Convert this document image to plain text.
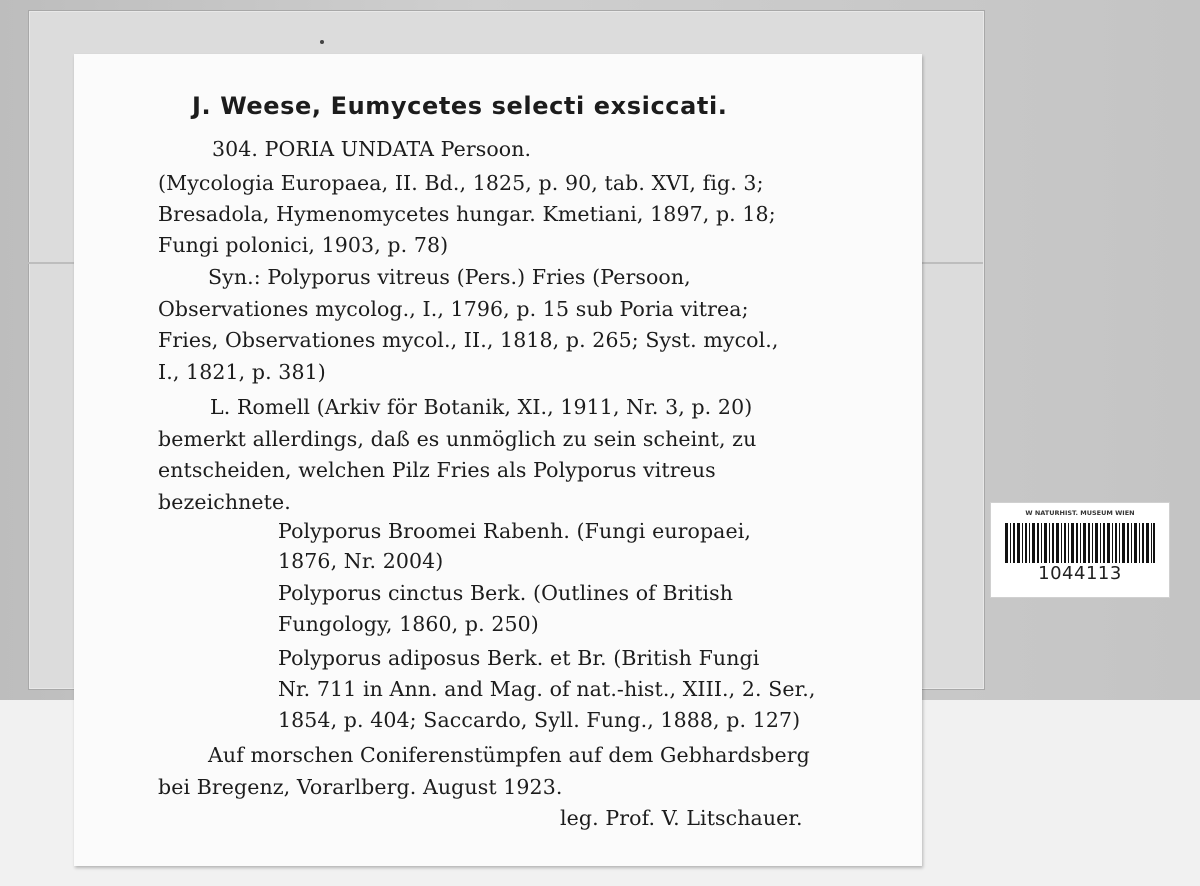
J. Weese, Eumycetes selecti exsiccati.
304. PORIA UNDATA Persoon.
(Mycologia Europaea, II. Bd., 1825, p. 90, tab. XVI, fig. 3;
Bresadola, Hymenomycetes hungar. Kmetiani, 1897, p. 18;
Fungi polonici, 1903, p. 78)
Syn.: Polyporus vitreus (Pers.) Fries (Persoon,
Observationes mycolog., I., 1796, p. 15 sub Poria vitrea;
Fries, Observationes mycol., II., 1818, p. 265; Syst. mycol.,
I., 1821, p. 381)
L. Romell (Arkiv för Botanik, XI., 1911, Nr. 3, p. 20)
bemerkt allerdings, daß es unmöglich zu sein scheint, zu
entscheiden, welchen Pilz Fries als Polyporus vitreus
bezeichnete.
Polyporus Broomei Rabenh. (Fungi europaei,
1876, Nr. 2004)
Polyporus cinctus Berk. (Outlines of British
Fungology, 1860, p. 250)
Polyporus adiposus Berk. et Br. (British Fungi
Nr. 711 in Ann. and Mag. of nat.-hist., XIII., 2. Ser.,
1854, p. 404; Saccardo, Syll. Fung., 1888, p. 127)
Auf morschen Coniferenstümpfen auf dem Gebhardsberg
bei Bregenz, Vorarlberg. August 1923.
leg. Prof. V. Litschauer.
W NATURHIST. MUSEUM WIEN
1044113
